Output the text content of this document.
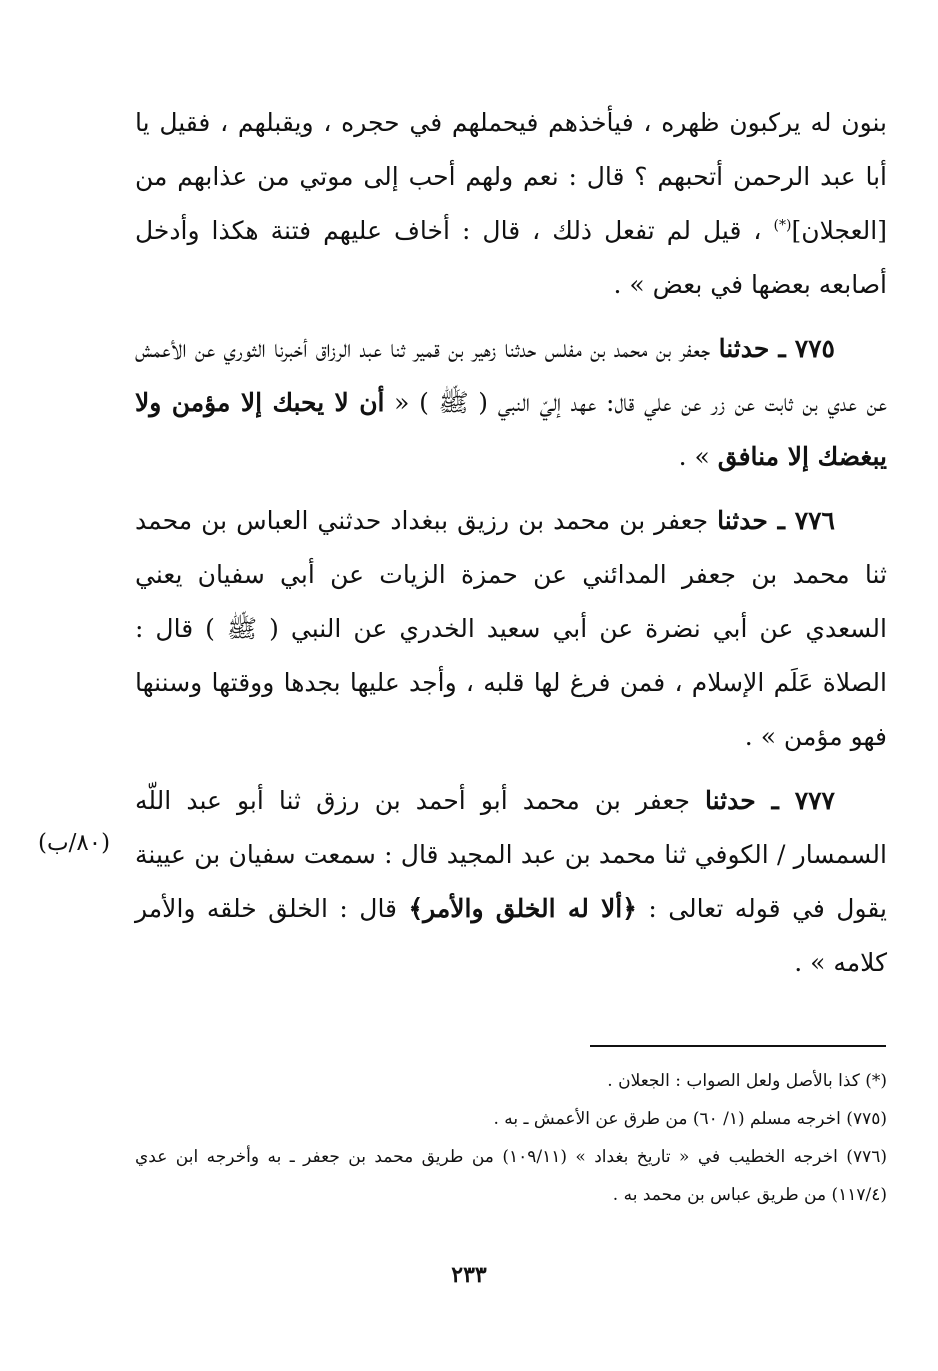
بنون له يركبون ظهره ، فيأخذهم فيحملهم في حجره ، ويقبلهم ، فقيل يا أبا عبد الرحمن أتحبهم ؟ قال : نعم ولهم أحب إلى موتي من عذابهم من [العجلان](*) ، قيل لم تفعل ذلك ، قال : أخاف عليهم فتنة هكذا وأدخل أصابعه بعضها في بعض » .

٧٧٥ ـ حدثنا جعفر بن محمد بن مفلس حدثنا زهير بن قمير ثنا عبد الرزاق أخبرنا الثوري عن الأعمش عن عدي بن ثابت عن زر عن علي قال: عهد إليّ النبي ( ﷺ ) « أن لا يحبك إلا مؤمن ولا يبغضك إلا منافق » .

٧٧٦ ـ حدثنا جعفر بن محمد بن رزيق ببغداد حدثني العباس بن محمد ثنا محمد بن جعفر المدائني عن حمزة الزيات عن أبي سفيان يعني السعدي عن أبي نضرة عن أبي سعيد الخدري عن النبي ( ﷺ ) قال : الصلاة عَلَم الإسلام ، فمن فرغ لها قلبه ، وأجد عليها بجدها ووقتها وسننها فهو مؤمن » .

٧٧٧ ـ حدثنا جعفر بن محمد أبو أحمد بن رزق ثنا أبو عبد اللّه السمسار / الكوفي ثنا محمد بن عبد المجيد قال : سمعت سفيان بن عيينة يقول في قوله تعالى : ﴿ألا له الخلق والأمر﴾ قال : الخلق خلقه والأمر كلامه » .

(٨٠/ب)

(*) كذا بالأصل ولعل الصواب : الجعلان .

(٧٧٥) اخرجه مسلم (١/ ٦٠) من طرق عن الأعمش ـ به .

(٧٧٦) اخرجه الخطيب في « تاريخ بغداد » (١٠٩/١١) من طريق محمد بن جعفر ـ به وأخرجه ابن عدي (١١٧/٤) من طريق عباس بن محمد به .

٢٣٣
